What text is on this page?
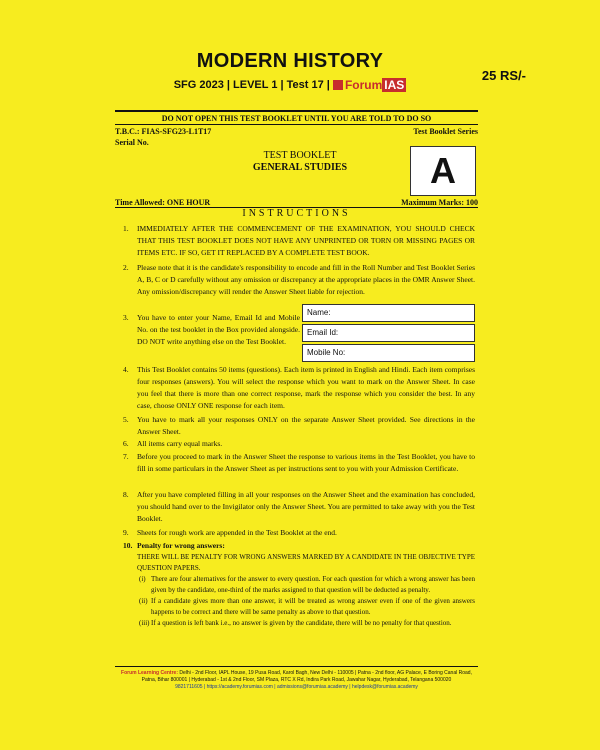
MODERN HISTORY
SFG 2023 | LEVEL 1 | Test 17 | Forum IAS
25 RS/-
DO NOT OPEN THIS TEST BOOKLET UNTIL YOU ARE TOLD TO DO SO
T.B.C.: FIAS-SFG23-L1T17	Test Booklet Series
Serial No.
TEST BOOKLET
GENERAL STUDIES	A
Time Allowed: ONE HOUR	Maximum Marks: 100
INSTRUCTIONS
1. IMMEDIATELY AFTER THE COMMENCEMENT OF THE EXAMINATION, YOU SHOULD CHECK THAT THIS TEST BOOKLET DOES NOT HAVE ANY UNPRINTED OR TORN OR MISSING PAGES OR ITEMS ETC. IF SO, GET IT REPLACED BY A COMPLETE TEST BOOK.
2. Please note that it is the candidate's responsibility to encode and fill in the Roll Number and Test Booklet Series A, B, C or D carefully without any omission or discrepancy at the appropriate places in the OMR Answer Sheet. Any omission/discrepancy will render the Answer Sheet liable for rejection.
3. You have to enter your Name, Email Id and Mobile No. on the test booklet in the Box provided alongside. DO NOT write anything else on the Test Booklet.
Name:
Email Id:
Mobile No:
4. This Test Booklet contains 50 items (questions). Each item is printed in English and Hindi. Each item comprises four responses (answers). You will select the response which you want to mark on the Answer Sheet. In case you feel that there is more than one correct response, mark the response which you consider the best. In any case, choose ONLY ONE response for each item.
5. You have to mark all your responses ONLY on the separate Answer Sheet provided. See directions in the Answer Sheet.
6. All items carry equal marks.
7. Before you proceed to mark in the Answer Sheet the response to various items in the Test Booklet, you have to fill in some particulars in the Answer Sheet as per instructions sent to you with your Admission Certificate.
8. After you have completed filling in all your responses on the Answer Sheet and the examination has concluded, you should hand over to the Invigilator only the Answer Sheet. You are permitted to take away with you the Test Booklet.
9. Sheets for rough work are appended in the Test Booklet at the end.
10. Penalty for wrong answers:
THERE WILL BE PENALTY FOR WRONG ANSWERS MARKED BY A CANDIDATE IN THE OBJECTIVE TYPE QUESTION PAPERS.
(i) There are four alternatives for the answer to every question. For each question for which a wrong answer has been given by the candidate, one-third of the marks assigned to that question will be deducted as penalty.
(ii) If a candidate gives more than one answer, it will be treated as wrong answer even if one of the given answers happens to be correct and there will be same penalty as above to that question.
(iii) If a question is left bank i.e., no answer is given by the candidate, there will be no penalty for that question.
Forum Learning Centre: Delhi - 2nd Floor, IAPL House, 19 Pusa Road, Karol Bagh, New Delhi - 110005 | Patna - 2nd floor, AG Palace, E Boring Canal Road, Patna, Bihar 800001 | Hyderabad - 1st & 2nd Floor, SM Plaza, RTC X Rd, Indira Park Road, Jawahar Nagar, Hyderabad, Telangana 500020
9821711605 | https://academy.forumias.com | admissions@forumias.academy | helpdesk@forumias.academy
